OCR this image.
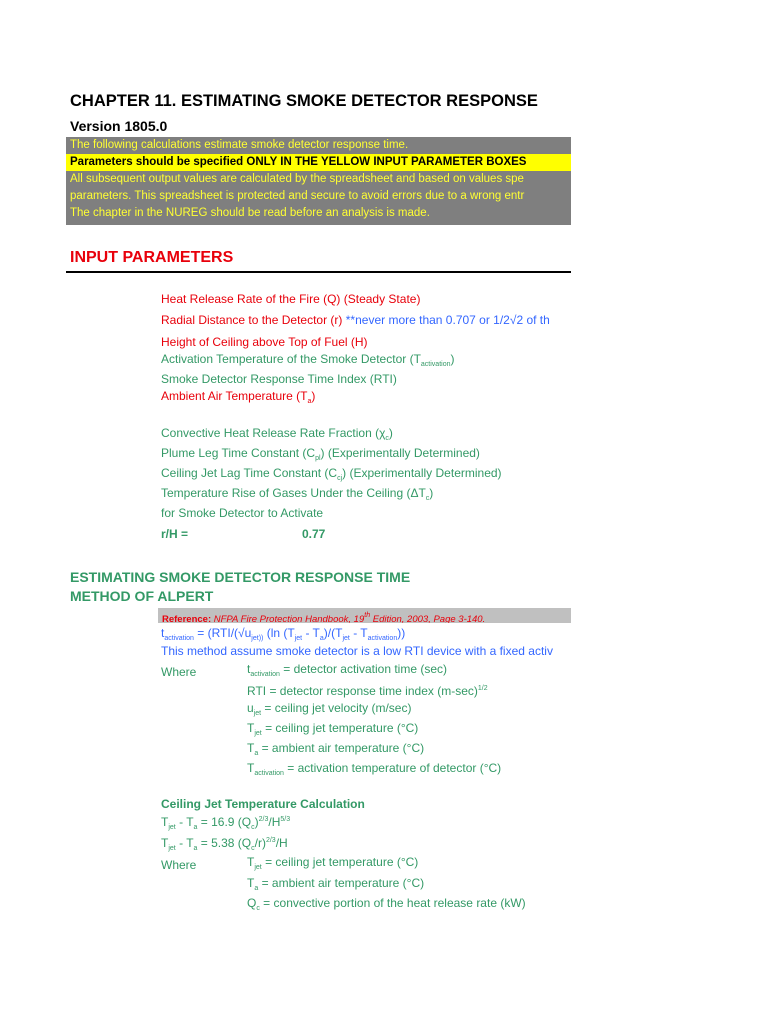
CHAPTER 11. ESTIMATING SMOKE DETECTOR RESPONSE
Version 1805.0
The following calculations estimate smoke detector response time.
Parameters should be specified ONLY IN THE YELLOW INPUT PARAMETER BOXES
All subsequent output values are calculated by the spreadsheet and based on values spe
parameters. This spreadsheet is protected and secure to avoid errors due to a wrong entr
The chapter in the NUREG should be read before an analysis is made.
INPUT PARAMETERS
Heat Release Rate of the Fire (Q) (Steady State)
Radial Distance to the Detector (r) **never more than 0.707 or 1/2√2 of th
Height of Ceiling above Top of Fuel (H)
Activation Temperature of the Smoke Detector $(T_{activation})$
Smoke Detector Response Time Index (RTI)
Ambient Air Temperature $(T_a)$
Convective Heat Release Rate Fraction $(\chi_c)$
Plume Leg Time Constant $(C_{pl})$ (Experimentally Determined)
Ceiling Jet Lag Time Constant $(C_{cj})$ (Experimentally Determined)
Temperature Rise of Gases Under the Ceiling $(\Delta T_c)$
for Smoke Detector to Activate
r/H =	0.77
ESTIMATING SMOKE DETECTOR RESPONSE TIME
METHOD OF ALPERT
Reference: NFPA Fire Protection Handbook, 19th Edition, 2003, Page 3-140.
$t_{activation} = (RTI/(√u_{jet))}$ (ln $(T_{jet} - T_a)/(T_{jet} - T_{activation})$)
This method assume smoke detector is a low RTI device with a fixed activ
Where	$t_{activation}$ = detector activation time (sec)
RTI = detector response time index $(m-\sec)^{1/2}$
$u_{jet}$ = ceiling jet velocity (m/sec)
$T_{jet}$ = ceiling jet temperature (°C)
$T_a$ = ambient air temperature (°C)
$T_{activation}$ = activation temperature of detector (°C)
Ceiling Jet Temperature Calculation
$T_{jet} - T_a = 16.9$ $(Q_c)^{2/3}/H^{5/3}$
$T_{jet} - T_a = 5.38$ $(Q_c/r)^{2/3}/H$
Where	$T_{jet}$ = ceiling jet temperature (°C)
$T_a$ = ambient air temperature (°C)
$Q_c$ = convective portion of the heat release rate (kW)
